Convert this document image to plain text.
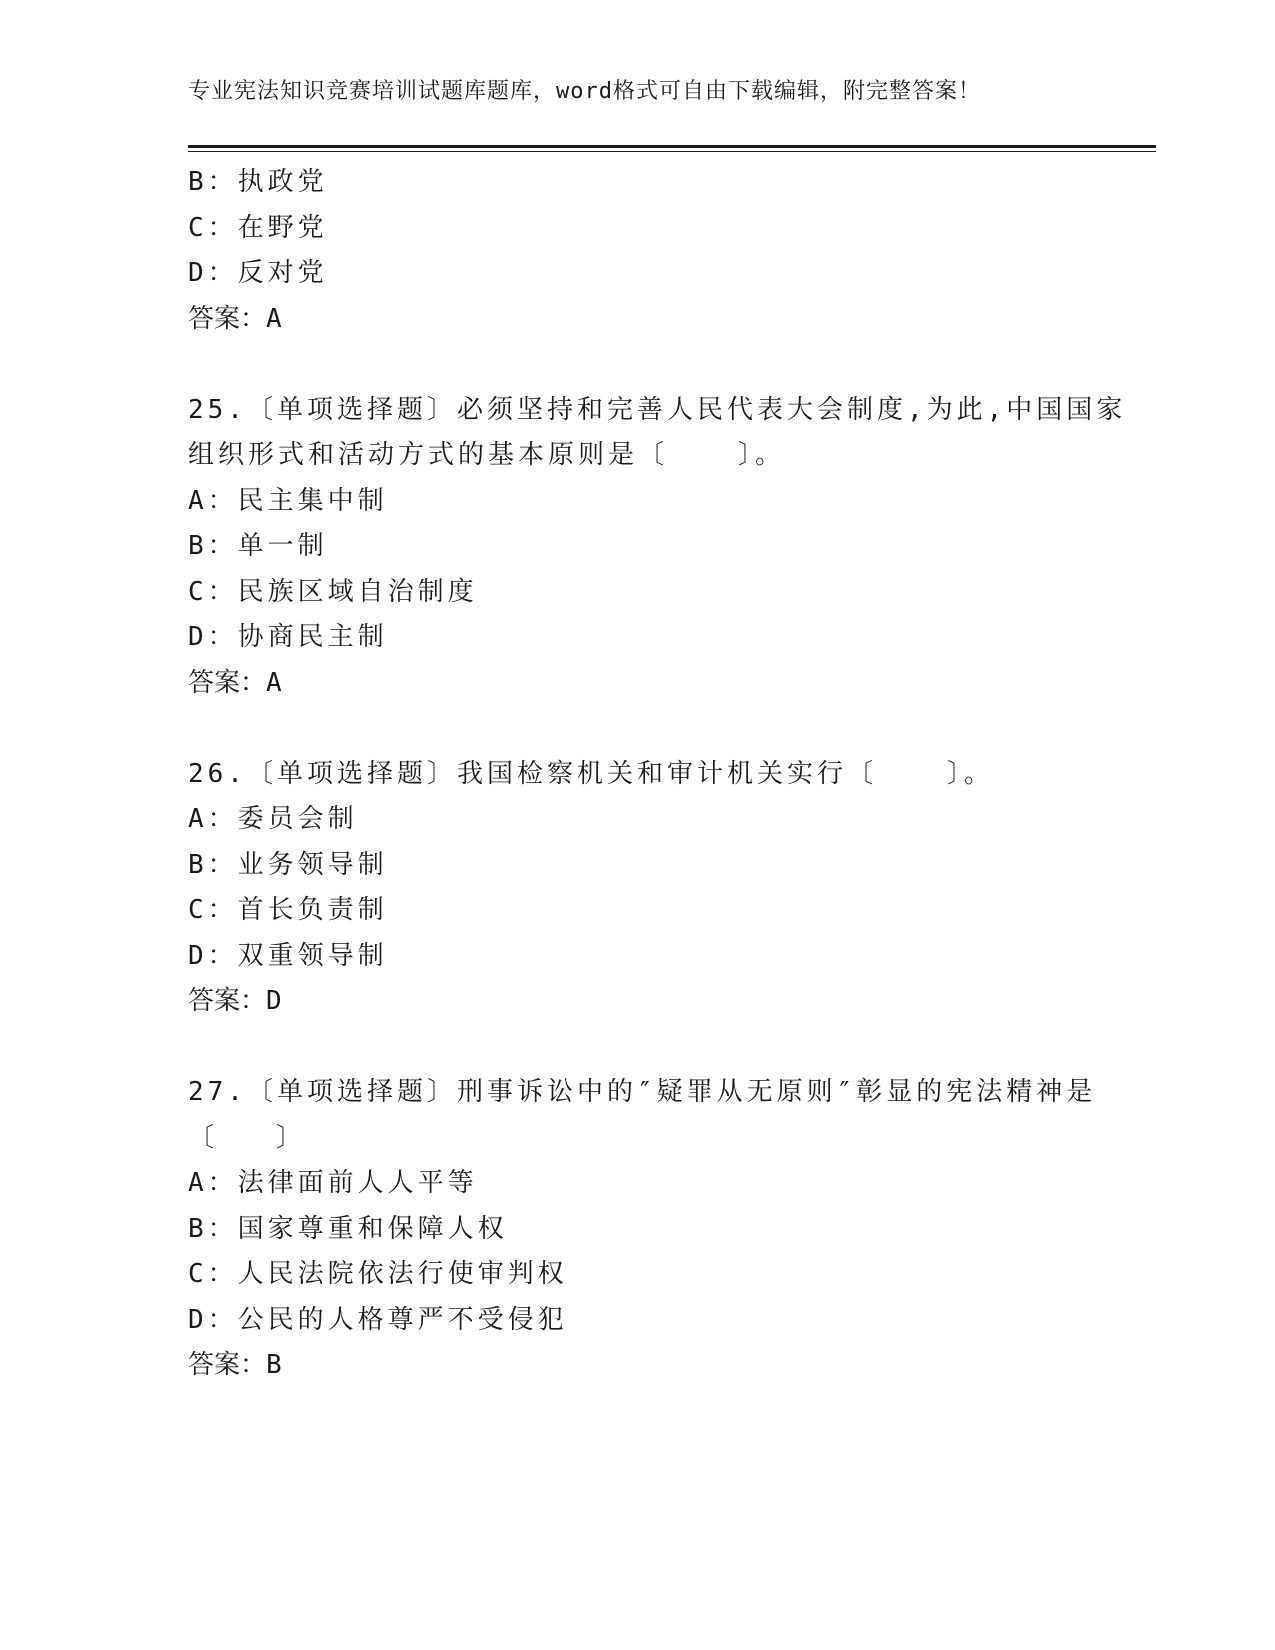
专业宪法知识竞赛培训试题库题库，word格式可自由下载编辑，附完整答案！
B：执政党
C：在野党
D：反对党
答案：A
25.〔单项选择题〕必须坚持和完善人民代表大会制度,为此,中国国家
组织形式和活动方式的基本原则是〔	〕。
A：民主集中制
B：单一制
C：民族区域自治制度
D：协商民主制
答案：A
26.〔单项选择题〕我国检察机关和审计机关实行〔	〕。
A：委员会制
B：业务领导制
C：首长负责制
D：双重领导制
答案：D
27.〔单项选择题〕刑事诉讼中的″疑罪从无原则″彰显的宪法精神是
〔 〕
A：法律面前人人平等
B：国家尊重和保障人权
C：人民法院依法行使审判权
D：公民的人格尊严不受侵犯
答案：B
